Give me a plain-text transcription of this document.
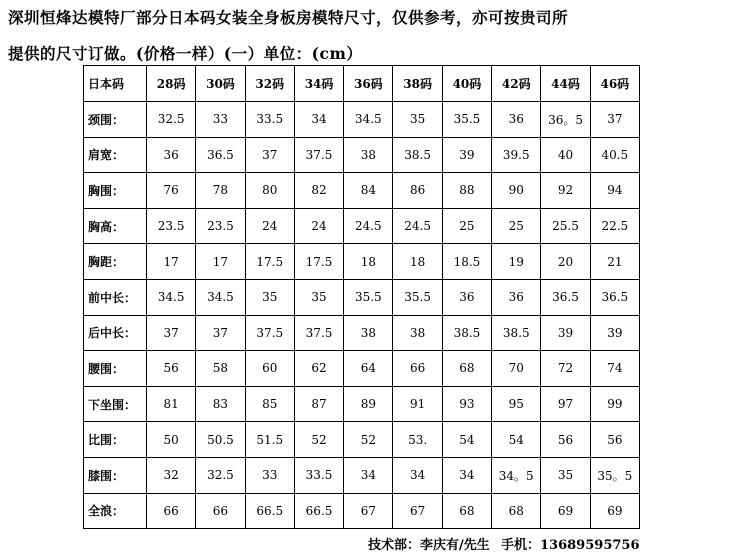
深圳恒烽达模特厂部分日本码女装全身板房模特尺寸，仅供参考，亦可按贵司所
提供的尺寸订做。(价格一样）(一）单位：(cm）
日本码	28码	30码	32码	34码	36码	38码	40码	42码	44码	46码
颈围：	32.5	33	33.5	34	34.5	35	35.5	36	36。5	37
肩宽：	36	36.5	37	37.5	38	38.5	39	39.5	40	40.5
胸围：	76	78	80	82	84	86	88	90	92	94
胸高：	23.5	23.5	24	24	24.5	24.5	25	25	25.5	22.5
胸距：	17	17	17.5	17.5	18	18	18.5	19	20	21
前中长：	34.5	34.5	35	35	35.5	35.5	36	36	36.5	36.5
后中长：	37	37	37.5	37.5	38	38	38.5	38.5	39	39
腰围：	56	58	60	62	64	66	68	70	72	74
下坐围：	81	83	85	87	89	91	93	95	97	99
比围：	50	50.5	51.5	52	52	53.	54	54	56	56
膝围：	32	32.5	33	33.5	34	34	34	34。5	35	35。5
全浪：	66	66	66.5	66.5	67	67	68	68	69	69
技术部：李庆有/先生 手机：13689595756
